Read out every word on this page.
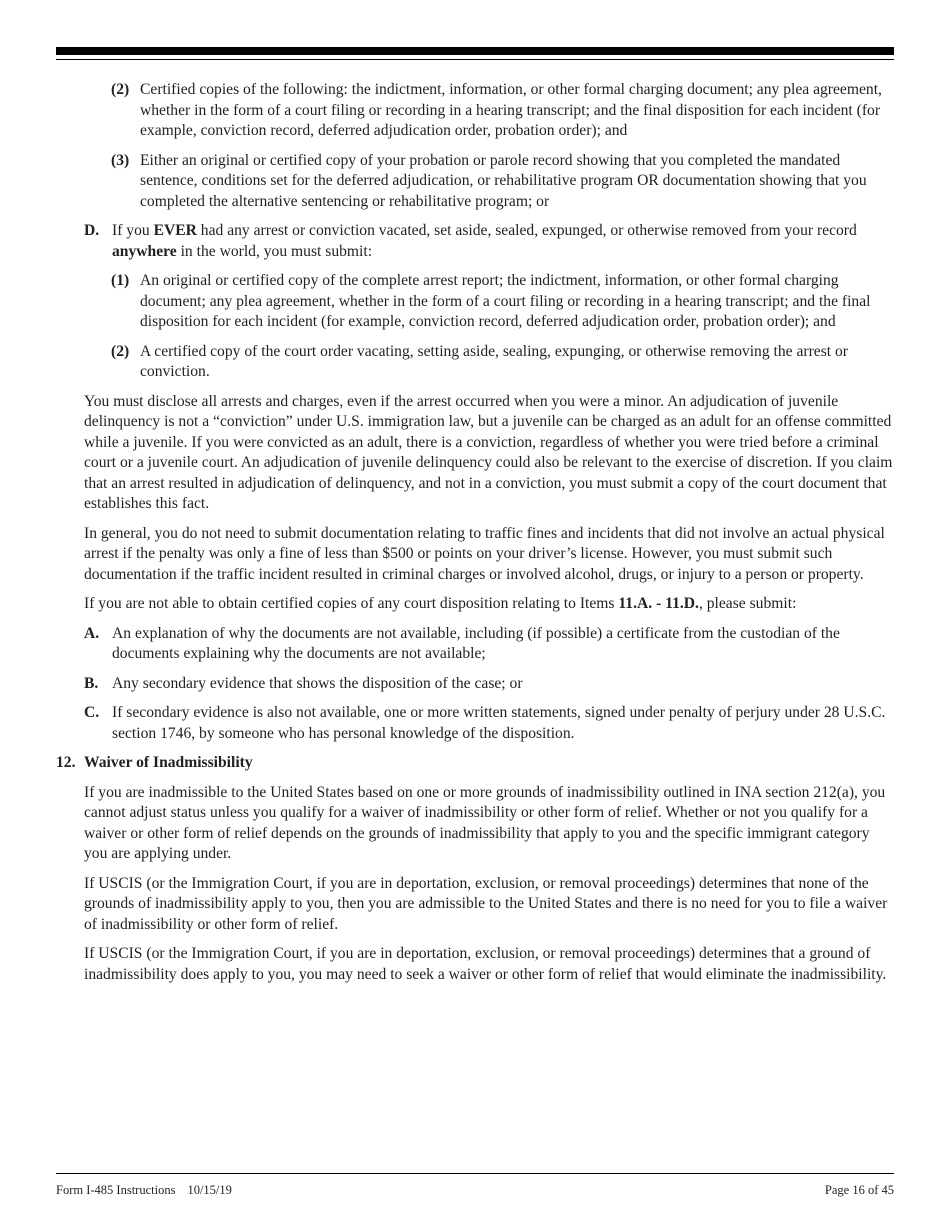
(2) Certified copies of the following: the indictment, information, or other formal charging document; any plea agreement, whether in the form of a court filing or recording in a hearing transcript; and the final disposition for each incident (for example, conviction record, deferred adjudication order, probation order); and
(3) Either an original or certified copy of your probation or parole record showing that you completed the mandated sentence, conditions set for the deferred adjudication, or rehabilitative program OR documentation showing that you completed the alternative sentencing or rehabilitative program; or
D. If you EVER had any arrest or conviction vacated, set aside, sealed, expunged, or otherwise removed from your record anywhere in the world, you must submit:
(1) An original or certified copy of the complete arrest report; the indictment, information, or other formal charging document; any plea agreement, whether in the form of a court filing or recording in a hearing transcript; and the final disposition for each incident (for example, conviction record, deferred adjudication order, probation order); and
(2) A certified copy of the court order vacating, setting aside, sealing, expunging, or otherwise removing the arrest or conviction.
You must disclose all arrests and charges, even if the arrest occurred when you were a minor. An adjudication of juvenile delinquency is not a “conviction” under U.S. immigration law, but a juvenile can be charged as an adult for an offense committed while a juvenile. If you were convicted as an adult, there is a conviction, regardless of whether you were tried before a criminal court or a juvenile court. An adjudication of juvenile delinquency could also be relevant to the exercise of discretion. If you claim that an arrest resulted in adjudication of delinquency, and not in a conviction, you must submit a copy of the court document that establishes this fact.
In general, you do not need to submit documentation relating to traffic fines and incidents that did not involve an actual physical arrest if the penalty was only a fine of less than $500 or points on your driver’s license. However, you must submit such documentation if the traffic incident resulted in criminal charges or involved alcohol, drugs, or injury to a person or property.
If you are not able to obtain certified copies of any court disposition relating to Items 11.A. - 11.D., please submit:
A. An explanation of why the documents are not available, including (if possible) a certificate from the custodian of the documents explaining why the documents are not available;
B. Any secondary evidence that shows the disposition of the case; or
C. If secondary evidence is also not available, one or more written statements, signed under penalty of perjury under 28 U.S.C. section 1746, by someone who has personal knowledge of the disposition.
12. Waiver of Inadmissibility
If you are inadmissible to the United States based on one or more grounds of inadmissibility outlined in INA section 212(a), you cannot adjust status unless you qualify for a waiver of inadmissibility or other form of relief. Whether or not you qualify for a waiver or other form of relief depends on the grounds of inadmissibility that apply to you and the specific immigrant category you are applying under.
If USCIS (or the Immigration Court, if you are in deportation, exclusion, or removal proceedings) determines that none of the grounds of inadmissibility apply to you, then you are admissible to the United States and there is no need for you to file a waiver of inadmissibility or other form of relief.
If USCIS (or the Immigration Court, if you are in deportation, exclusion, or removal proceedings) determines that a ground of inadmissibility does apply to you, you may need to seek a waiver or other form of relief that would eliminate the inadmissibility.
Form I-485 Instructions 10/15/19	Page 16 of 45
